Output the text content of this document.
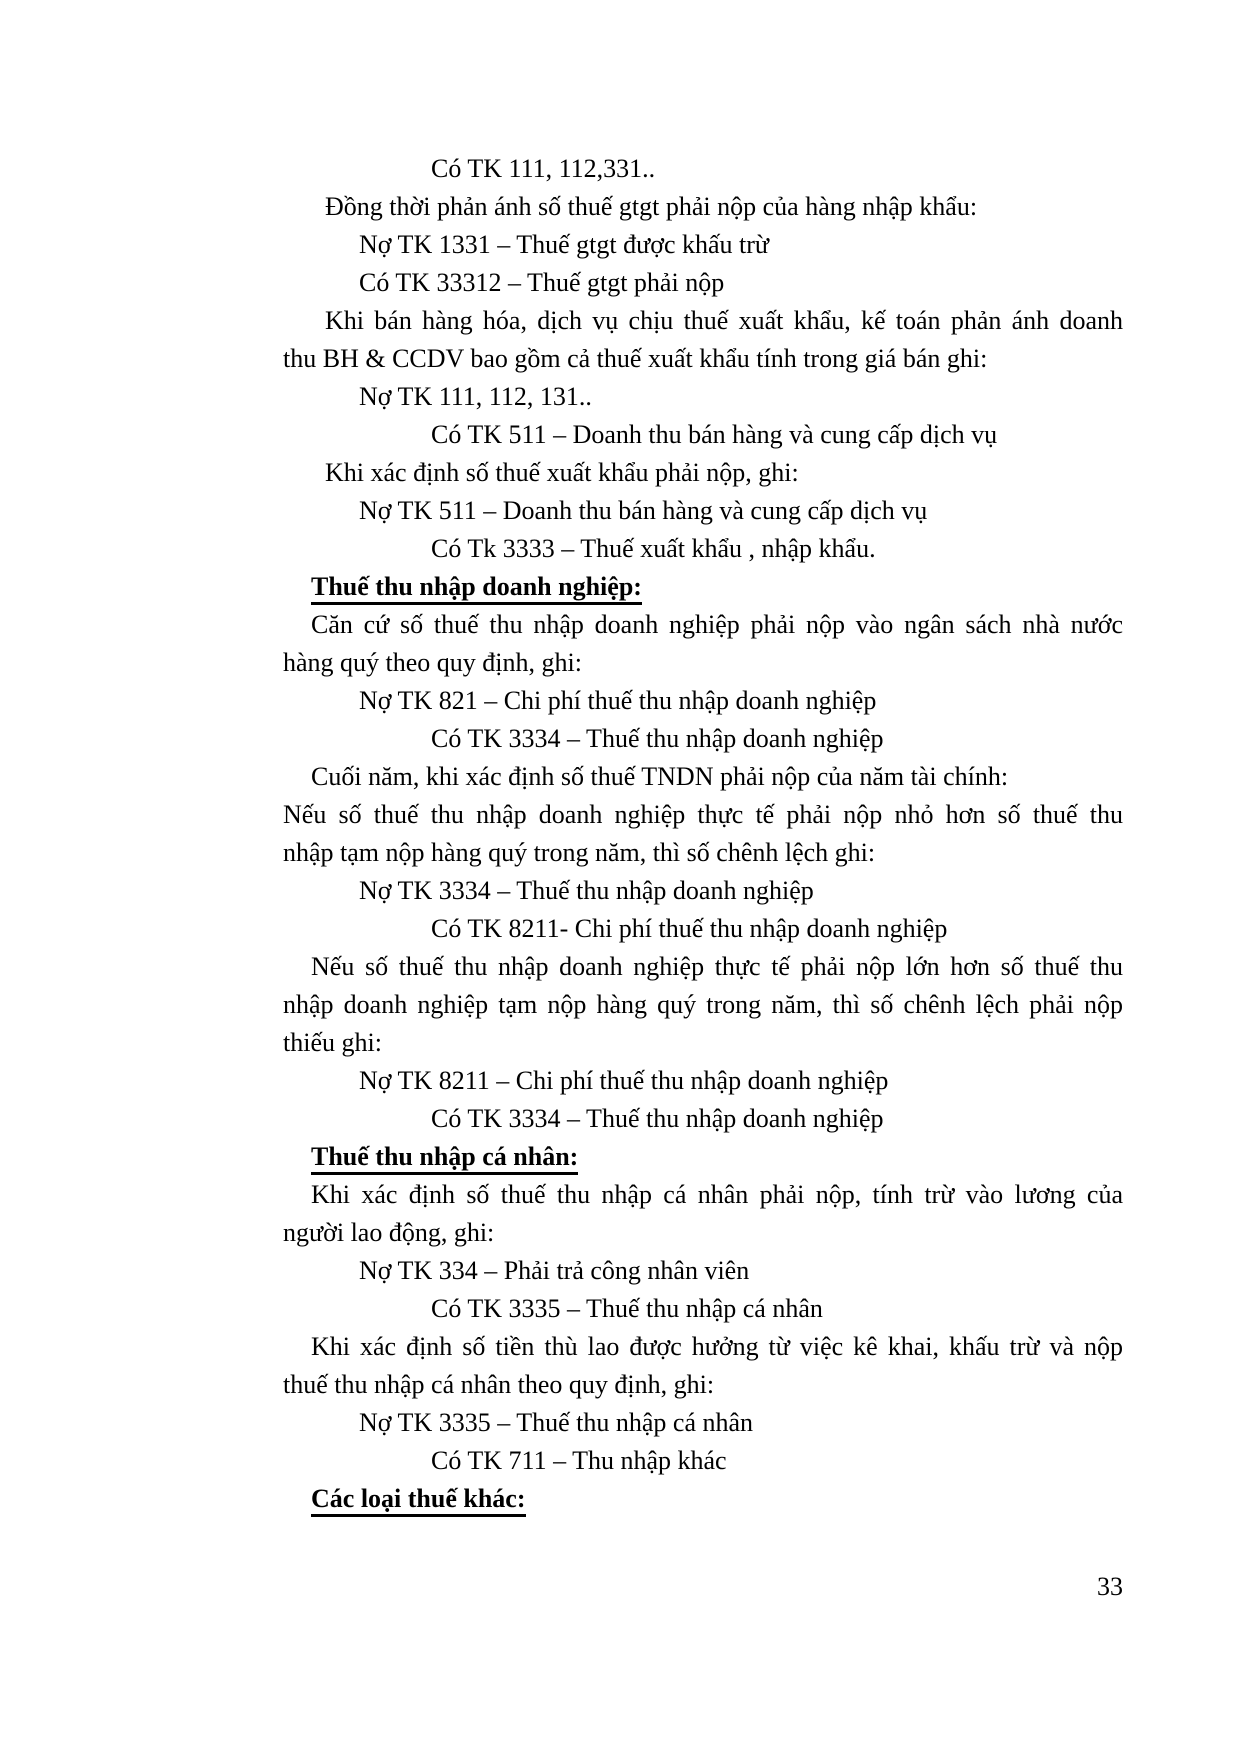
Có TK 111, 112,331..
Đồng thời phản ánh số thuế gtgt phải nộp của hàng nhập khẩu:
Nợ TK 1331 – Thuế gtgt được khấu trừ
Có TK 33312 – Thuế gtgt phải nộp
Khi bán hàng hóa, dịch vụ chịu thuế xuất khẩu, kế toán phản ánh doanh
thu BH & CCDV bao gồm cả thuế xuất khẩu tính trong giá bán ghi:
Nợ TK 111, 112, 131..
Có TK 511 – Doanh thu bán hàng và cung cấp dịch vụ
Khi xác định số thuế xuất khẩu phải nộp, ghi:
Nợ TK 511 – Doanh thu bán hàng và cung cấp dịch vụ
Có Tk 3333 – Thuế xuất khẩu , nhập khẩu.
Thuế thu nhập doanh nghiệp:
Căn cứ số thuế thu nhập doanh nghiệp phải nộp vào ngân sách nhà nước
hàng quý theo quy định, ghi:
Nợ TK 821 – Chi phí thuế thu nhập doanh nghiệp
Có TK 3334 – Thuế thu nhập doanh nghiệp
Cuối năm, khi xác định số thuế TNDN phải nộp của năm tài chính:
Nếu số thuế thu nhập doanh nghiệp thực tế phải nộp nhỏ hơn số thuế thu
nhập tạm nộp hàng quý trong năm, thì số chênh lệch ghi:
Nợ TK 3334 – Thuế thu nhập doanh nghiệp
Có TK 8211- Chi phí thuế thu nhập doanh nghiệp
Nếu số thuế thu nhập doanh nghiệp thực tế phải nộp lớn hơn số thuế thu
nhập doanh nghiệp tạm nộp hàng quý trong năm, thì số chênh lệch phải nộp
thiếu ghi:
Nợ TK 8211 – Chi phí thuế thu nhập doanh nghiệp
Có TK 3334 – Thuế thu nhập doanh nghiệp
Thuế thu nhập cá nhân:
Khi xác định số thuế thu nhập cá nhân phải nộp, tính trừ vào lương của
người lao động, ghi:
Nợ TK 334 – Phải trả công nhân viên
Có TK 3335 – Thuế thu nhập cá nhân
Khi xác định số tiền thù lao được hưởng từ việc kê khai, khấu trừ và nộp
thuế thu nhập cá nhân theo quy định, ghi:
Nợ TK 3335 – Thuế thu nhập cá nhân
Có TK 711 – Thu nhập khác
Các loại thuế khác:
33
